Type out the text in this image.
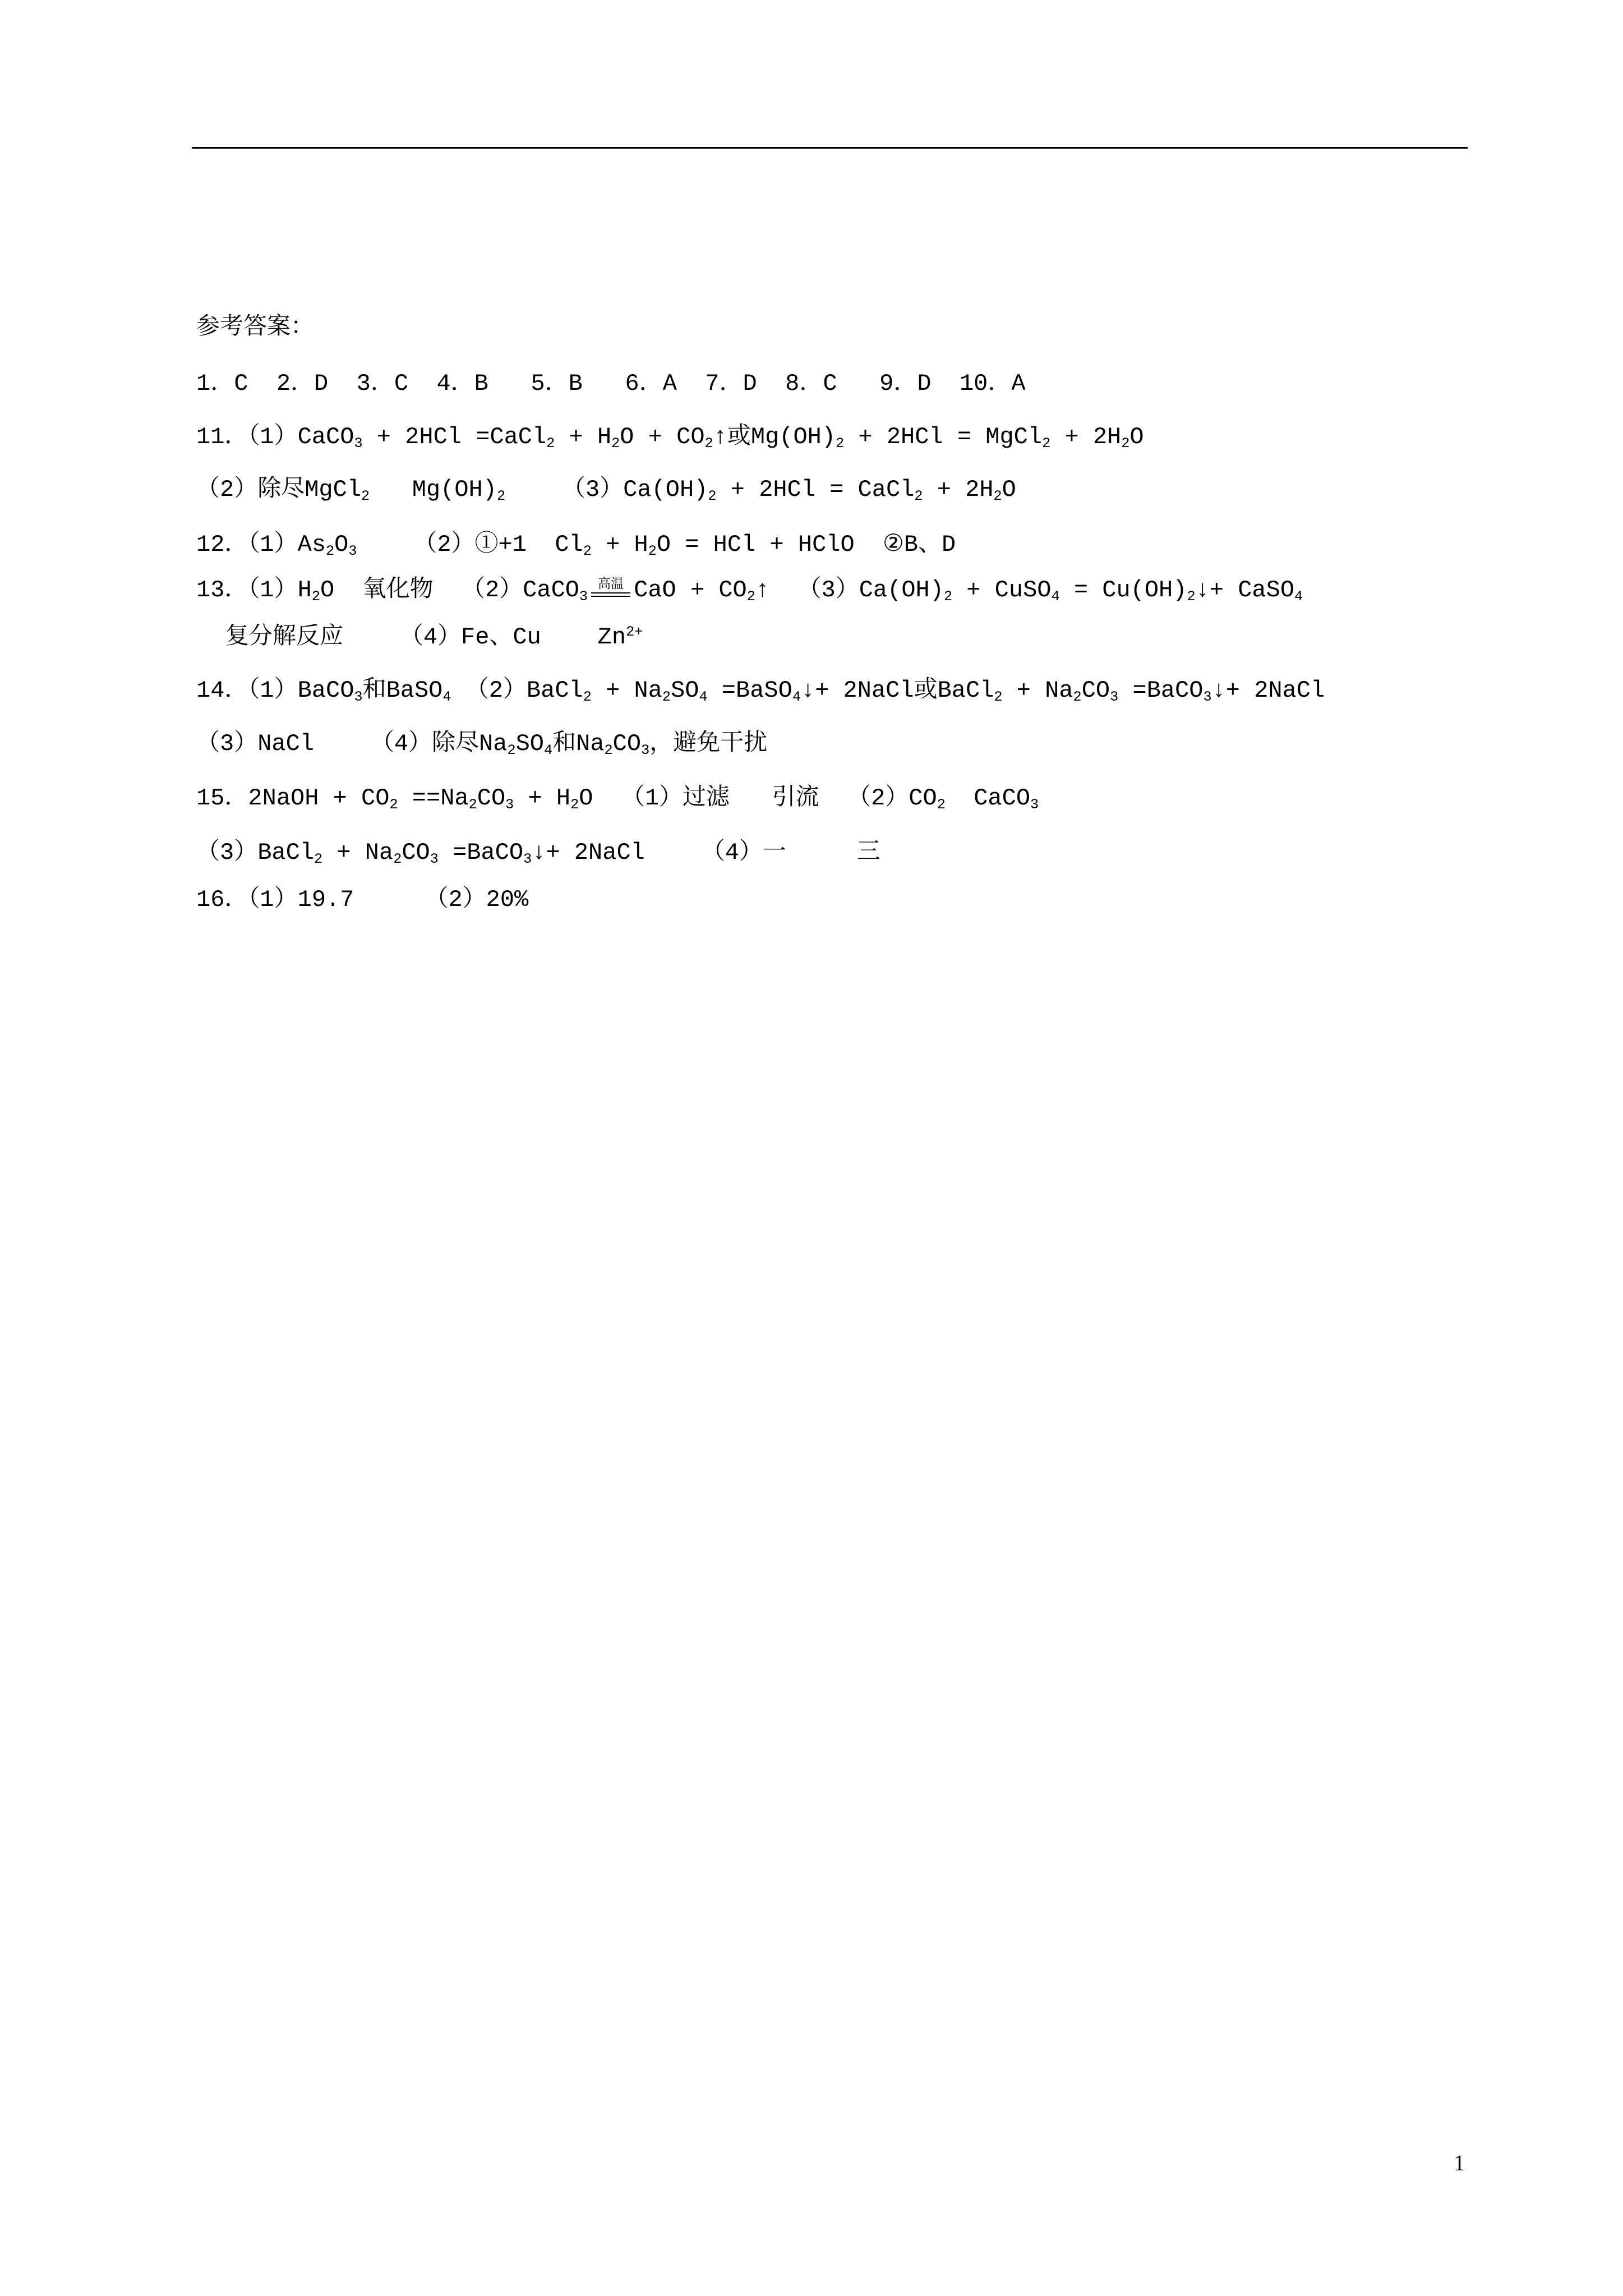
参考答案：
1．C  2．D  3．C  4．B   5．B   6．A  7．D  8．C   9．D  10．A
11．（1）CaCO$_3$ + 2HCl =CaCl$_2$ + $H_2O$ + $CO_2↑$或$Mg(OH)_2 + 2HCl$ = MgCl$_2$ + $2H_2O$
（2）除尽MgCl$_2$   $Mg(OH)_2$    $(3)Ca(OH)_2 + 2HCl$ = CaCl$_2$ + $2H_2O$
12．$(1)As_2O_3$    （2）①+1  $Cl_2 + H_2O$ = HCl + HClO  ②B、D
13．$(1)H_2O$  氧化物  （2）CaCO$_3$
高温 CaO + $CO_2↑$  $(3)Ca(OH)_2$ + CuSO$_4$ = $Cu(OH)_2↓+$ CaSO$_4$
复分解反应    （4）Fe、Cu    $Zn^{2+}$
14．（1）BaCO$_3$和BaSO$_4$ （2）BaCl$_2$ + $Na_2SO_4$ =BaSO$_4$↓+ 2NaCl或BaCl$_2$ + $Na_2CO_3$ =BaCO$_3$↓+ 2NaCl
（3）NaCl    （4）除尽$Na_2SO_4$和$Na_2CO_3$，避免干扰
15．2NaOH + $CO_2 ==Na_2CO_3 + H_2O$  （1）过滤   引流  $(2)CO_2$  CaCO$_3$
（3）BaCl$_2$ + $Na_2CO_3$ =BaCO$_3$↓+ 2NaCl    （4）一     三
16．（1）19.7     （2）20%
1
